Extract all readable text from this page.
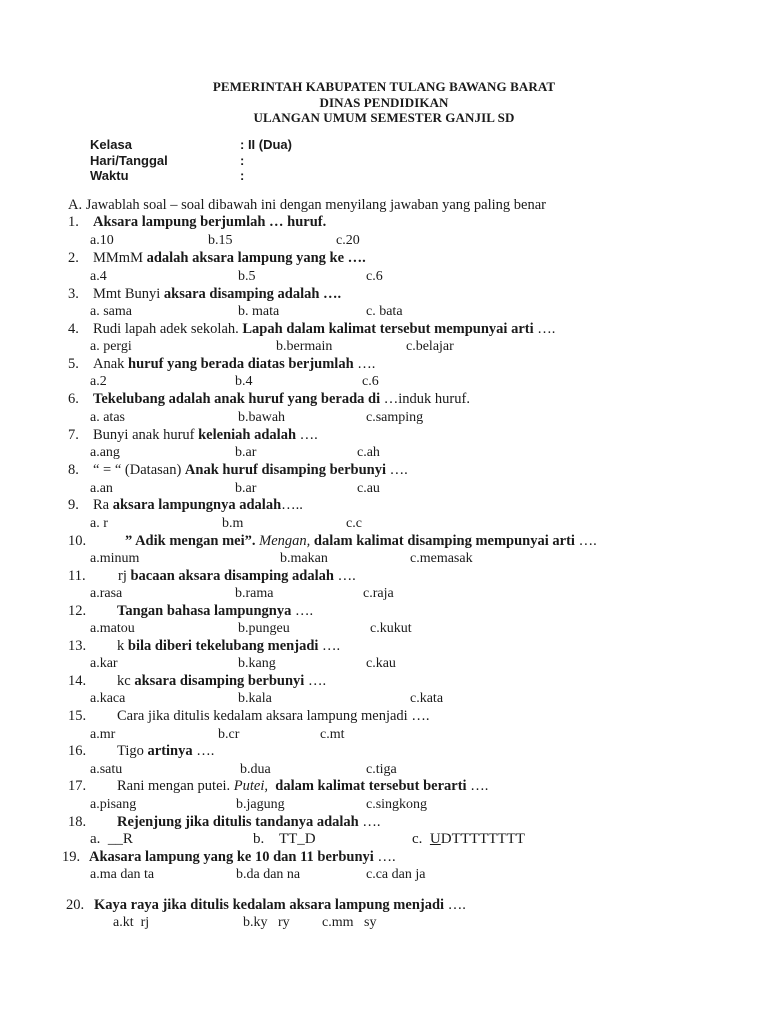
PEMERINTAH KABUPATEN TULANG BAWANG BARAT
DINAS PENDIDIKAN
ULANGAN UMUM SEMESTER GANJIL SD
Kelasa	: II (Dua)
Hari/Tanggal	:
Waktu	:
A. Jawablah soal – soal dibawah ini dengan menyilang jawaban yang paling benar
1. Aksara lampung berjumlah … huruf.
a.10	b.15	c.20
2. MMmM adalah aksara lampung yang ke ….
a.4	b.5	c.6
3. Mmt Bunyi aksara disamping adalah ….
a. sama	b. mata	c. bata
4. Rudi lapah adek sekolah. Lapah dalam kalimat tersebut mempunyai arti ….
a. pergi	b.bermain	c.belajar
5. Anak huruf yang berada diatas berjumlah ….
a.2	b.4	c.6
6. Tekelubang adalah anak huruf yang berada di …induk huruf.
a. atas	b.bawah	c.samping
7. Bunyi anak huruf keleniah adalah ….
a.ang	b.ar	c.ah
8. “ = “ (Datasan) Anak huruf disamping berbunyi ….
a.an	b.ar	c.au
9. Ra aksara lampungnya adalah…..
a. r	b.m	c.c
10.	” Adik mengan mei”. Mengan, dalam kalimat disamping mempunyai arti ….
a.minum	b.makan	c.memasak
11. rj bacaan aksara disamping adalah ….
a.rasa	b.rama	c.raja
12. Tangan bahasa lampungnya ….
a.matou	b.pungeu	c.kukut
13. k bila diberi tekelubang menjadi ….
a.kar	b.kang	c.kau
14. kc aksara disamping berbunyi ….
a.kaca	b.kala	c.kata
15. Cara jika ditulis kedalam aksara lampung menjadi ….
a.mr	b.cr	c.mt
16. Tigo artinya ….
a.satu	b.dua	c.tiga
17. Rani mengan putei. Putei, dalam kalimat tersebut berarti ….
a.pisang	b.jagung	c.singkong
18. Rejenjung jika ditulis tandanya adalah ….
a.  __R	b.    TT_D	c.  UDTTTTTTTT
19. Akasara lampung yang ke 10 dan 11 berbunyi ….
a.ma dan ta	b.da dan na	c.ca dan ja
20. Kaya raya jika ditulis kedalam aksara lampung menjadi ….
a.kt  rj	b.ky   ry c.mm   sy
